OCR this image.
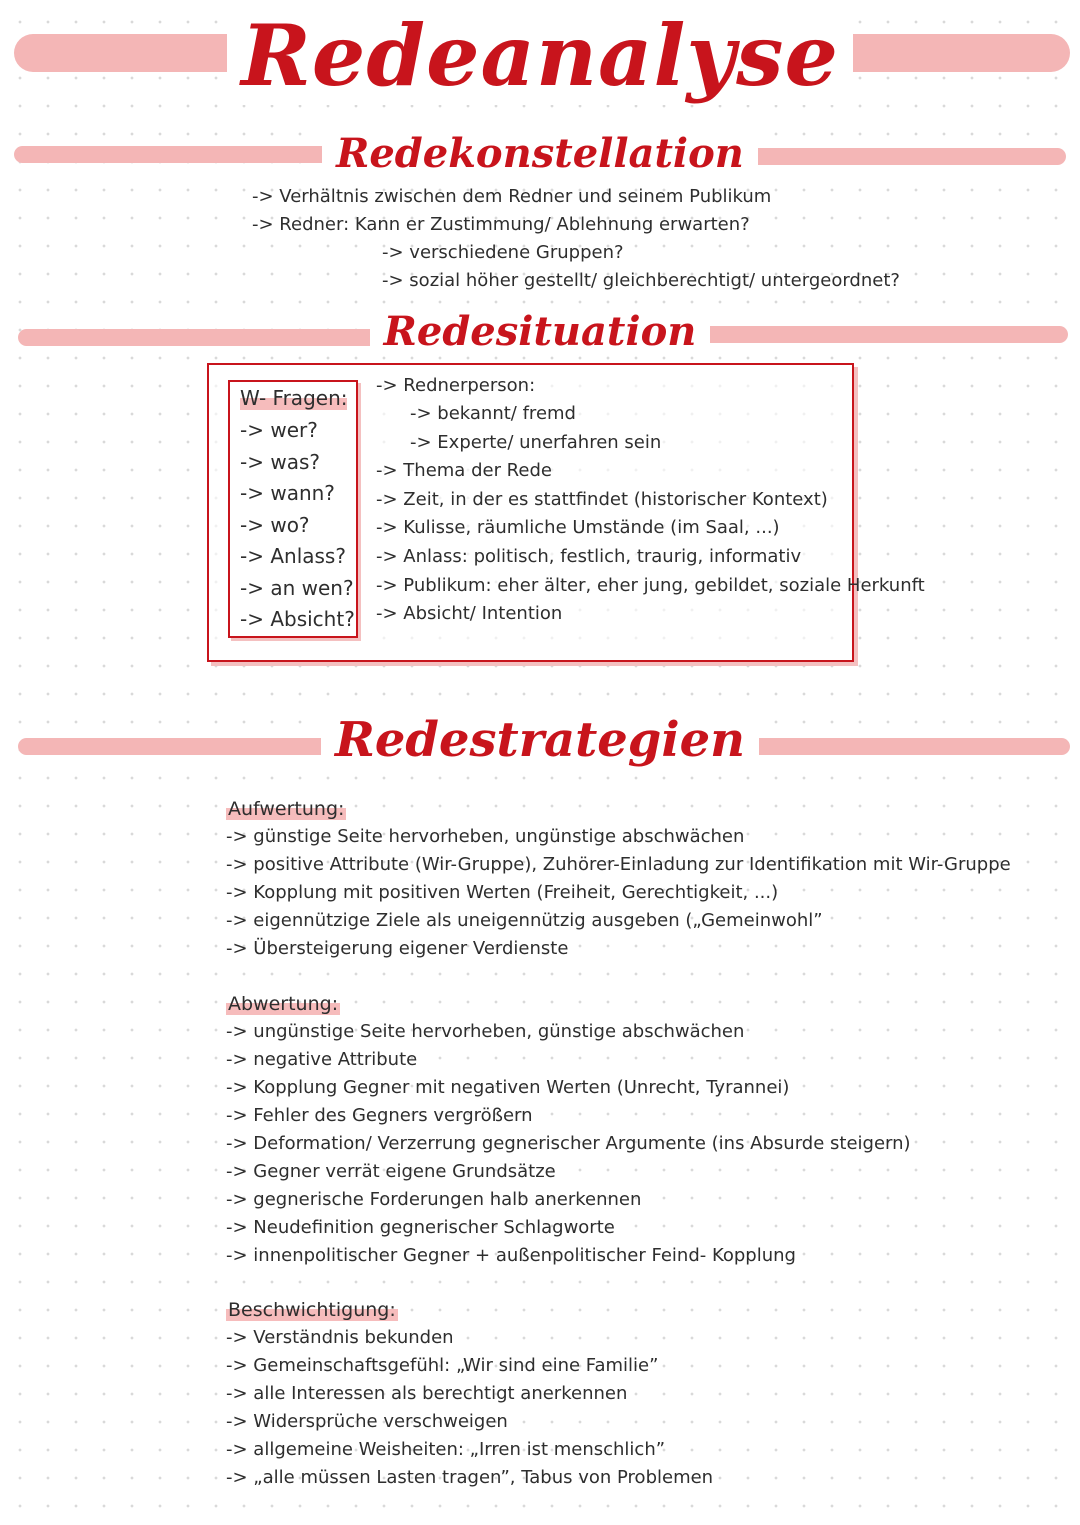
Redeanalyse
Redekonstellation
-> Verhältnis zwischen dem Redner und seinem Publikum
-> Redner: Kann er Zustimmung/ Ablehnung erwarten?
-> verschiedene Gruppen?
-> sozial höher gestellt/ gleichberechtigt/ untergeordnet?
Redesituation
W- Fragen:
-> wer?
-> was?
-> wann?
-> wo?
-> Anlass?
-> an wen?
-> Absicht?
-> Rednerperson:
-> bekannt/ fremd
-> Experte/ unerfahren sein
-> Thema der Rede
-> Zeit, in der es stattfindet (historischer Kontext)
-> Kulisse, räumliche Umstände (im Saal, ...)
-> Anlass: politisch, festlich, traurig, informativ
-> Publikum: eher älter, eher jung, gebildet, soziale Herkunft
-> Absicht/ Intention
Redestrategien
Aufwertung:
-> günstige Seite hervorheben, ungünstige abschwächen
-> positive Attribute (Wir-Gruppe), Zuhörer-Einladung zur Identifikation mit Wir-Gruppe
-> Kopplung mit positiven Werten (Freiheit, Gerechtigkeit, ...)
-> eigennützige Ziele als uneigennützig ausgeben („Gemeinwohl”
-> Übersteigerung eigener Verdienste
Abwertung:
-> ungünstige Seite hervorheben, günstige abschwächen
-> negative Attribute
-> Kopplung Gegner mit negativen Werten (Unrecht, Tyrannei)
-> Fehler des Gegners vergrößern
-> Deformation/ Verzerrung gegnerischer Argumente (ins Absurde steigern)
-> Gegner verrät eigene Grundsätze
-> gegnerische Forderungen halb anerkennen
-> Neudefinition gegnerischer Schlagworte
-> innenpolitischer Gegner + außenpolitischer Feind- Kopplung
Beschwichtigung:
-> Verständnis bekunden
-> Gemeinschaftsgefühl: „Wir sind eine Familie”
-> alle Interessen als berechtigt anerkennen
-> Widersprüche verschweigen
-> allgemeine Weisheiten: „Irren ist menschlich”
-> „alle müssen Lasten tragen”, Tabus von Problemen
